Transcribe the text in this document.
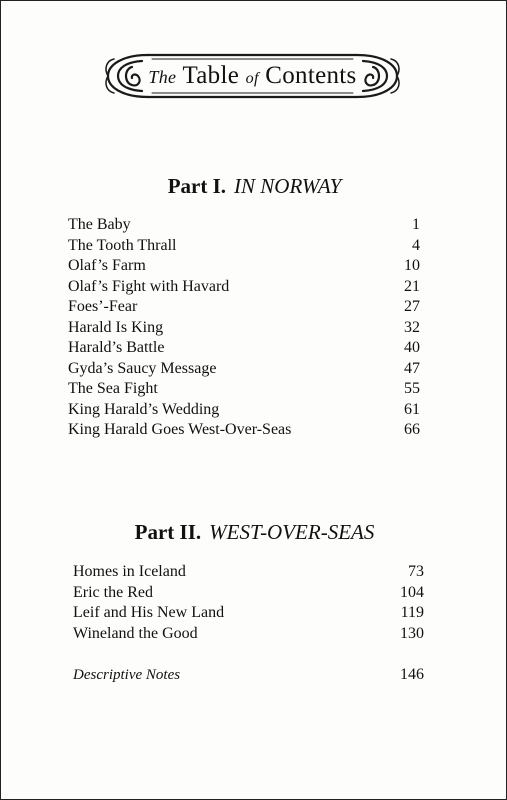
The Table of Contents
Part I. IN NORWAY
The Baby	1
The Tooth Thrall	4
Olaf’s Farm	10
Olaf’s Fight with Havard	21
Foes’-Fear	27
Harald Is King	32
Harald’s Battle	40
Gyda’s Saucy Message	47
The Sea Fight	55
King Harald’s Wedding	61
King Harald Goes West-Over-Seas	66
Part II. WEST-OVER-SEAS
Homes in Iceland	73
Eric the Red	104
Leif and His New Land	119
Wineland the Good	130
Descriptive Notes	146
